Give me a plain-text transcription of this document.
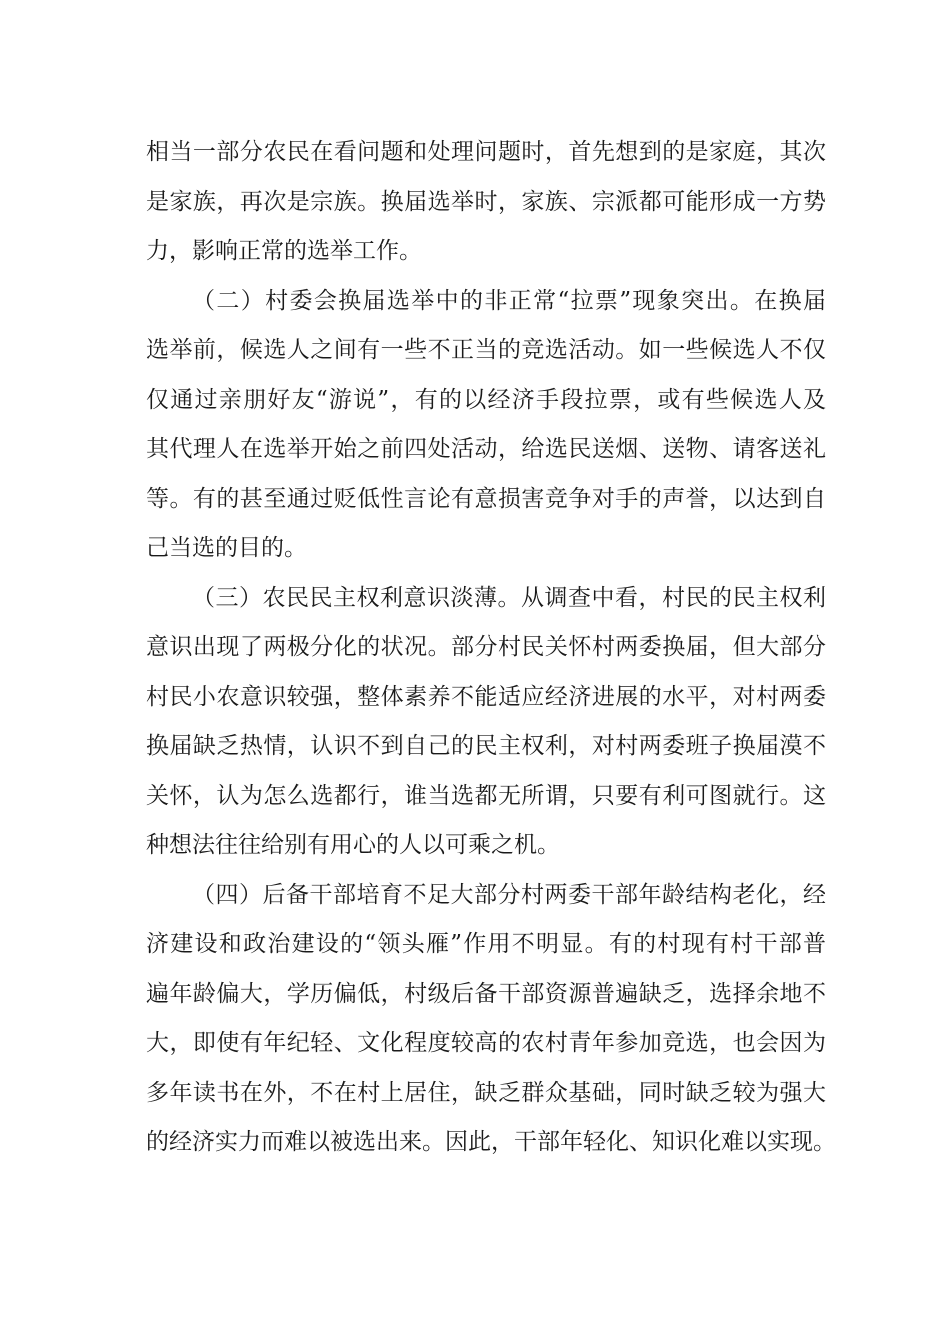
相当一部分农民在看问题和处理问题时，首先想到的是家庭，其次
是家族，再次是宗族。换届选举时，家族、宗派都可能形成一方势
力，影响正常的选举工作。
（二）村委会换届选举中的非正常“拉票”现象突出。在换届
选举前，候选人之间有一些不正当的竞选活动。如一些候选人不仅
仅通过亲朋好友“游说”，有的以经济手段拉票，或有些候选人及
其代理人在选举开始之前四处活动，给选民送烟、送物、请客送礼
等。有的甚至通过贬低性言论有意损害竞争对手的声誉，以达到自
己当选的目的。
（三）农民民主权利意识淡薄。从调查中看，村民的民主权利
意识出现了两极分化的状况。部分村民关怀村两委换届，但大部分
村民小农意识较强，整体素养不能适应经济进展的水平，对村两委
换届缺乏热情，认识不到自己的民主权利，对村两委班子换届漠不
关怀，认为怎么选都行，谁当选都无所谓，只要有利可图就行。这
种想法往往给别有用心的人以可乘之机。
（四）后备干部培育不足大部分村两委干部年龄结构老化，经
济建设和政治建设的“领头雁”作用不明显。有的村现有村干部普
遍年龄偏大，学历偏低，村级后备干部资源普遍缺乏，选择余地不
大，即使有年纪轻、文化程度较高的农村青年参加竞选，也会因为
多年读书在外，不在村上居住，缺乏群众基础，同时缺乏较为强大
的经济实力而难以被选出来。因此，干部年轻化、知识化难以实现。
